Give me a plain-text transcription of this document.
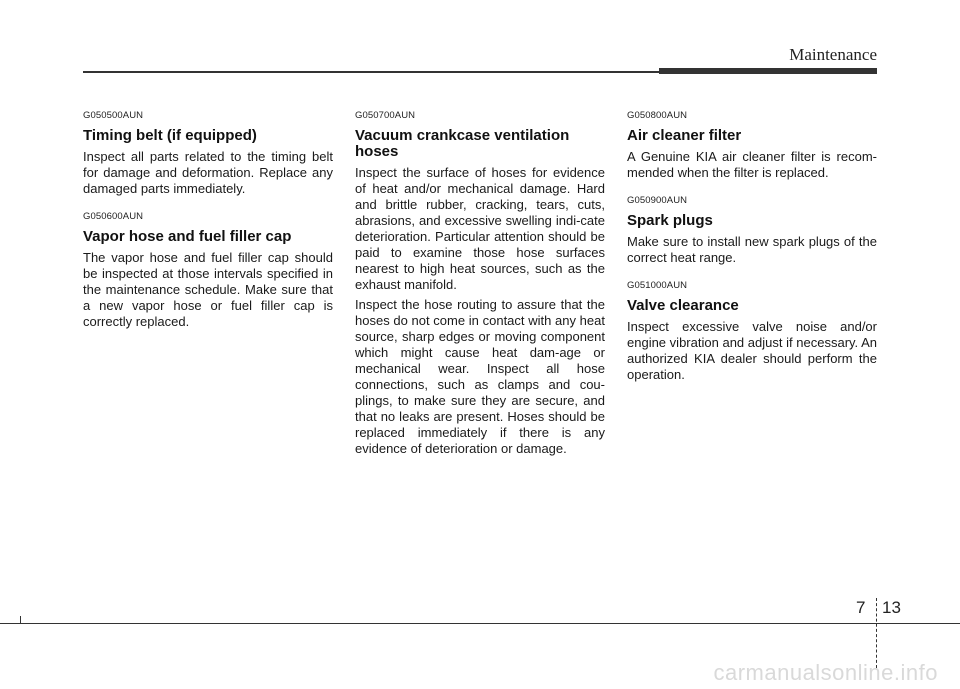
Maintenance
G050500AUN
Timing belt (if equipped)

Inspect all parts related to the timing belt for damage and deformation. Replace any damaged parts immediately.

G050600AUN
Vapor hose and fuel filler cap

The vapor hose and fuel filler cap should be inspected at those intervals specified in the maintenance schedule. Make sure that a new vapor hose or fuel filler cap is correctly replaced.

G050700AUN
Vacuum crankcase ventilation hoses

Inspect the surface of hoses for evidence of heat and/or mechanical damage. Hard and brittle rubber, cracking, tears, cuts, abrasions, and excessive swelling indi-cate deterioration. Particular attention should be paid to examine those hose surfaces nearest to high heat sources, such as the exhaust manifold.

Inspect the hose routing to assure that the hoses do not come in contact with any heat source, sharp edges or moving component which might cause heat dam-age or mechanical wear. Inspect all hose connections, such as clamps and cou-plings, to make sure they are secure, and that no leaks are present. Hoses should be replaced immediately if there is any evidence of deterioration or damage.

G050800AUN
Air cleaner filter

A Genuine KIA air cleaner filter is recom-mended when the filter is replaced.

G050900AUN
Spark plugs

Make sure to install new spark plugs of the correct heat range.

G051000AUN
Valve clearance

Inspect excessive valve noise and/or engine vibration and adjust if necessary. An authorized KIA dealer should perform the operation.

7 13
carmanualsonline.info
